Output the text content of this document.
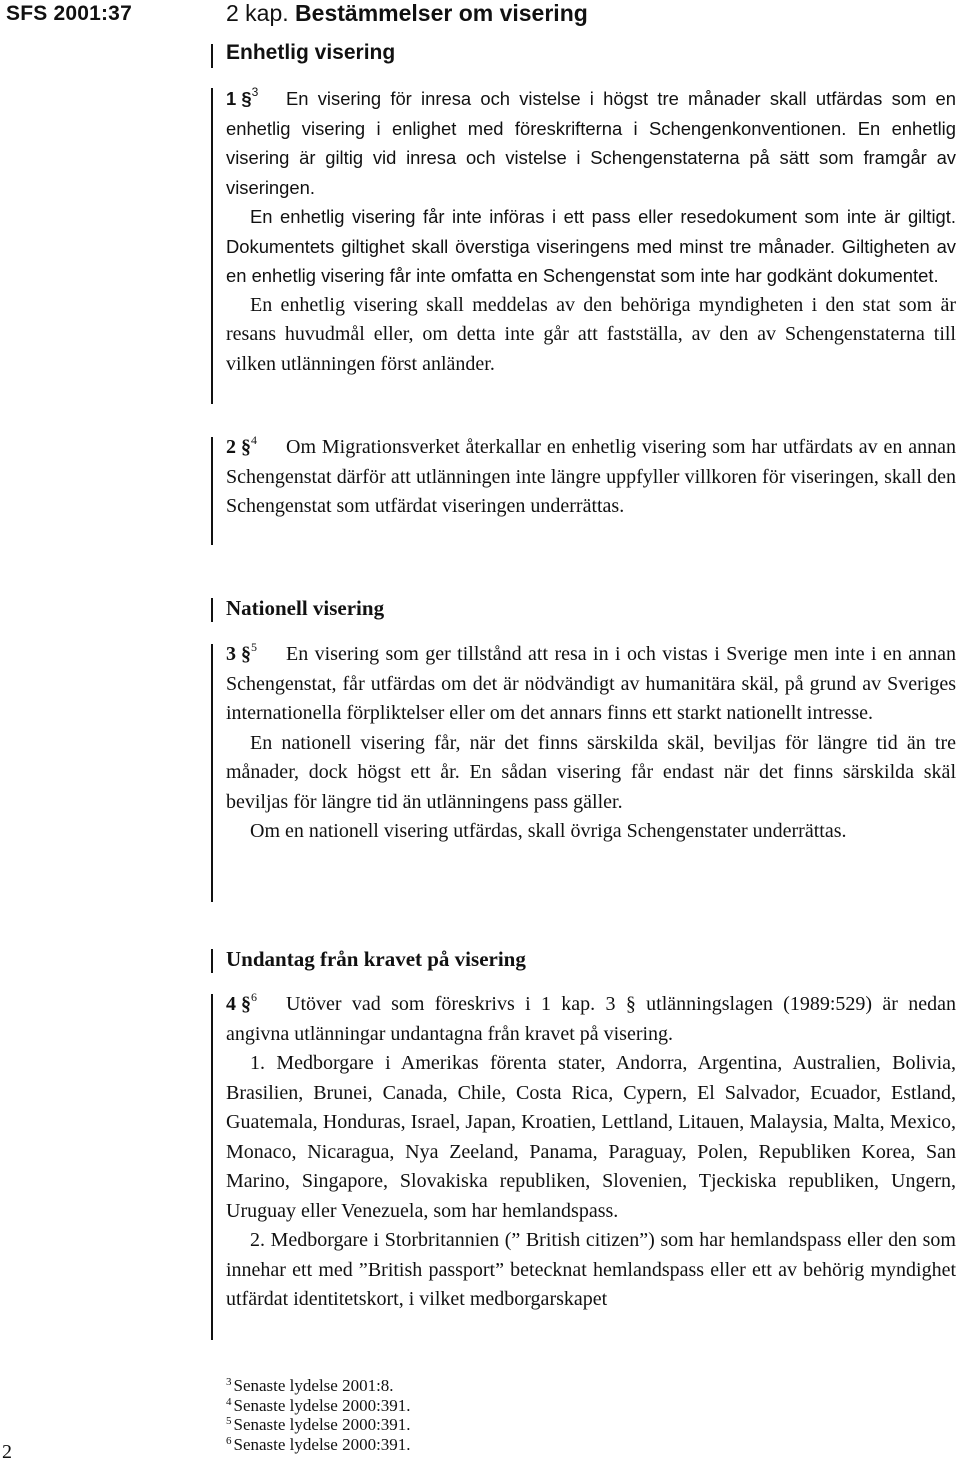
SFS 2001:37	2 kap. Bestämmelser om visering
Enhetlig visering

1 §$^3$ En visering för inresa och vistelse i högst tre månader skall utfärdas som en enhetlig visering i enlighet med föreskrifterna i Schengenkonventionen. En enhetlig visering är giltig vid inresa och vistelse i Schengenstaterna på sätt som framgår av viseringen.

En enhetlig visering får inte införas i ett pass eller resedokument som inte är giltigt. Dokumentets giltighet skall överstiga viseringens med minst tre månader. Giltigheten av en enhetlig visering får inte omfatta en Schengenstat som inte har godkänt dokumentet.

En enhetlig visering skall meddelas av den behöriga myndigheten i den stat som är resans huvudmål eller, om detta inte går att fastställa, av den av Schengenstaterna till vilken utlänningen först anländer.

2 §$^4$ Om Migrationsverket återkallar en enhetlig visering som har utfärdats av en annan Schengenstat därför att utlänningen inte längre uppfyller villkoren för viseringen, skall den Schengenstat som utfärdat viseringen underrättas.

Nationell visering

3 §$^5$ En visering som ger tillstånd att resa in i och vistas i Sverige men inte i en annan Schengenstat, får utfärdas om det är nödvändigt av humanitära skäl, på grund av Sveriges internationella förpliktelser eller om det annars finns ett starkt nationellt intresse.

En nationell visering får, när det finns särskilda skäl, beviljas för längre tid än tre månader, dock högst ett år. En sådan visering får endast när det finns särskilda skäl beviljas för längre tid än utlänningens pass gäller.

Om en nationell visering utfärdas, skall övriga Schengenstater underrättas.

Undantag från kravet på visering

4 §$^6$ Utöver vad som föreskrivs i 1 kap. 3 § utlänningslagen (1989:529) är nedan angivna utlänningar undantagna från kravet på visering.

1. Medborgare i Amerikas förenta stater, Andorra, Argentina, Australien, Bolivia, Brasilien, Brunei, Canada, Chile, Costa Rica, Cypern, El Salvador, Ecuador, Estland, Guatemala, Honduras, Israel, Japan, Kroatien, Lettland, Litauen, Malaysia, Malta, Mexico, Monaco, Nicaragua, Nya Zeeland, Panama, Paraguay, Polen, Republiken Korea, San Marino, Singapore, Slovakiska republiken, Slovenien, Tjeckiska republiken, Ungern, Uruguay eller Venezuela, som har hemlandspass.

2. Medborgare i Storbritannien (” British citizen”) som har hemlandspass eller den som innehar ett med ”British passport” betecknat hemlandspass eller ett av behörig myndighet utfärdat identitetskort, i vilket medborgarskapet

$^3$ Senaste lydelse 2001:8.
$^4$ Senaste lydelse 2000:391.
$^5$ Senaste lydelse 2000:391.
$^6$ Senaste lydelse 2000:391.
2
